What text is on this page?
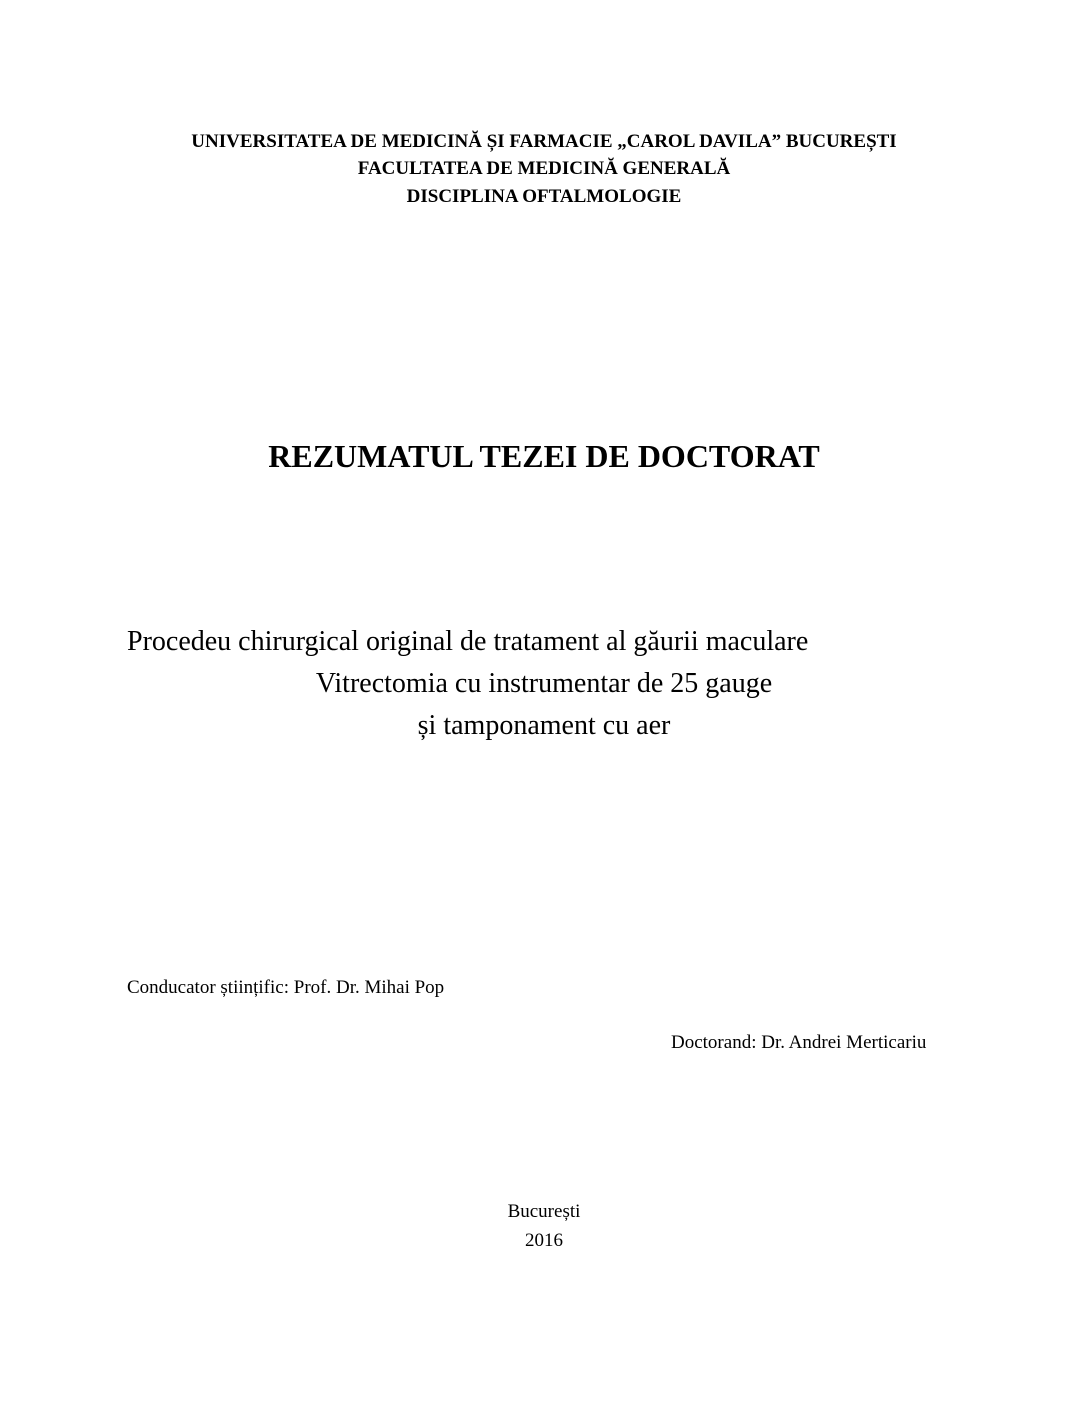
UNIVERSITATEA DE MEDICINĂ ȘI FARMACIE „CAROL DAVILA” BUCUREȘTI
FACULTATEA DE MEDICINĂ GENERALĂ
DISCIPLINA OFTALMOLOGIE
REZUMATUL TEZEI DE DOCTORAT
Procedeu chirurgical original de tratament al găurii maculare
Vitrectomia cu instrumentar de 25 gauge
și tamponament cu aer
Conducator științific: Prof. Dr. Mihai Pop
Doctorand: Dr. Andrei Merticariu
București
2016
